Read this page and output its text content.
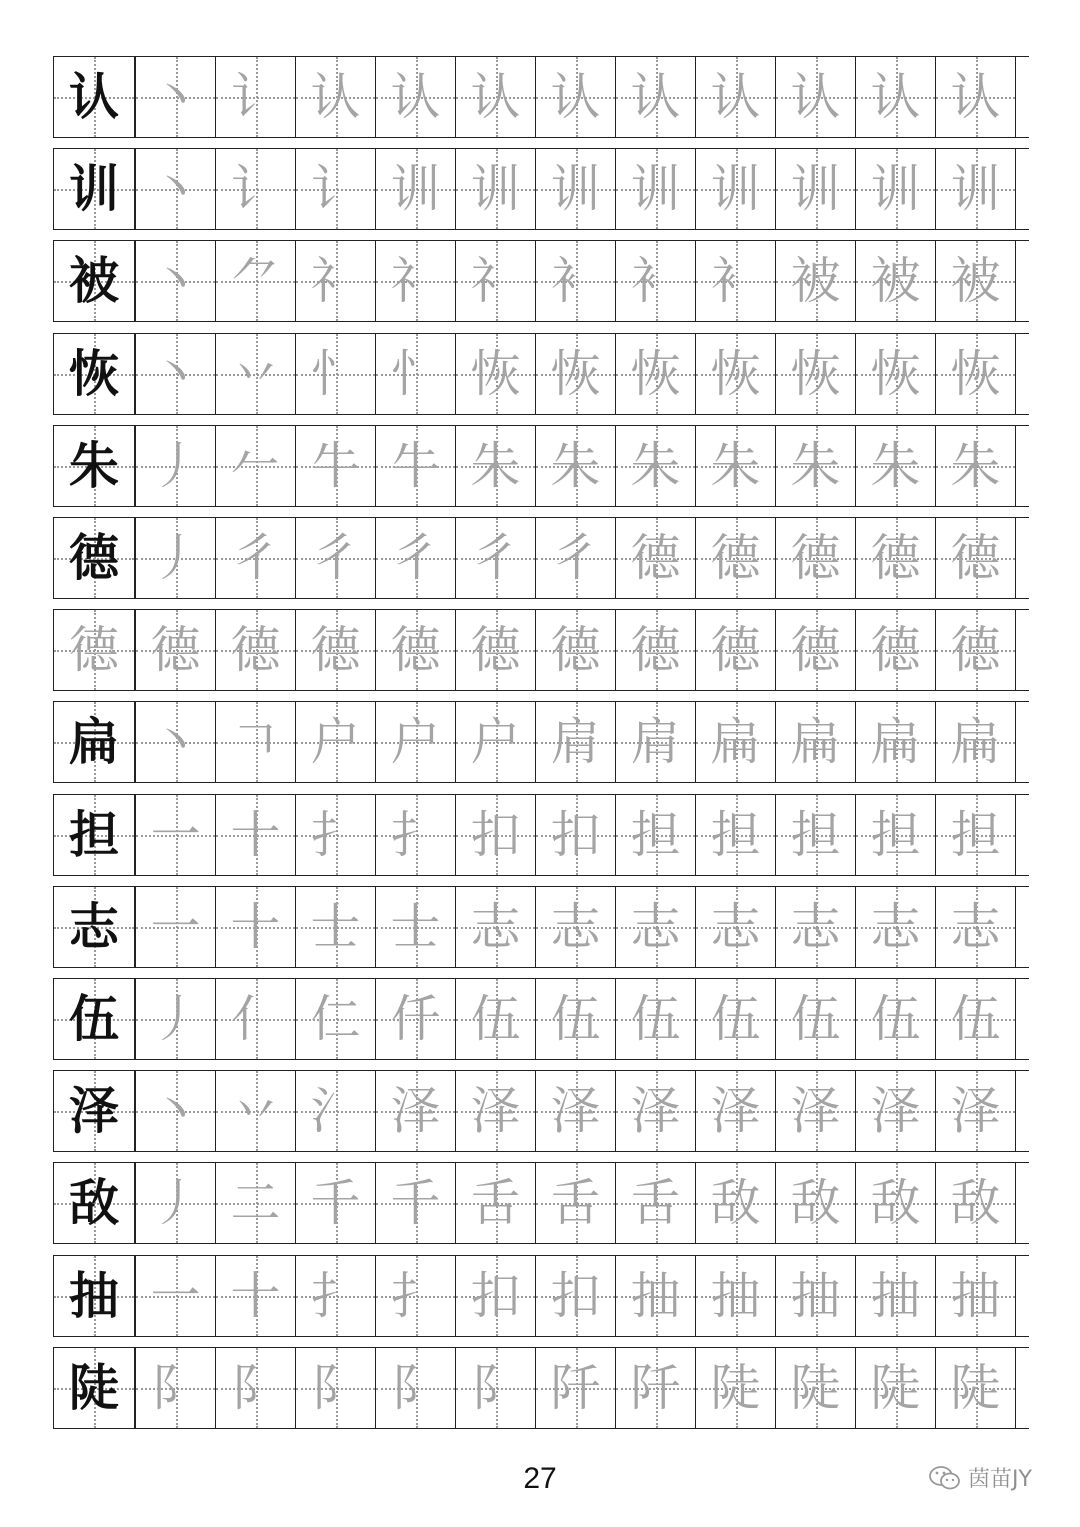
认 丶 讠 认 认 认 认 认 认 认 认 认
训 丶 讠 讠 训 训 训 训 训 训 训 训
被 丶 ⺈ 礻 礻 礻 衤 衤 衤 被 被 被
恢 丶 丷 忄 忄 恢 恢 恢 恢 恢 恢 恢
朱 丿 𠂉 牛 牛 朱 朱 朱 朱 朱 朱 朱
德 丿 彳 彳 彳 彳 彳 德 德 德 德 德
德 德 德 德 德 德 德 德 德 德 德 德
扁 丶 𠃍 户 户 户 肩 肩 扁 扁 扁 扁
担 一 十 扌 扌 扣 扣 担 担 担 担 担
志 一 十 士 士 志 志 志 志 志 志 志
伍 丿 亻 仁 仟 伍 伍 伍 伍 伍 伍 伍
泽 丶 丷 氵 泽 泽 泽 泽 泽 泽 泽 泽
敌 丿 二 千 千 舌 舌 舌 敌 敌 敌 敌
抽 一 十 扌 扌 扣 扣 抽 抽 抽 抽 抽
陡 阝 阝 阝 阝 阝 阡 阡 陡 陡 陡 陡
27	茵苗JY
